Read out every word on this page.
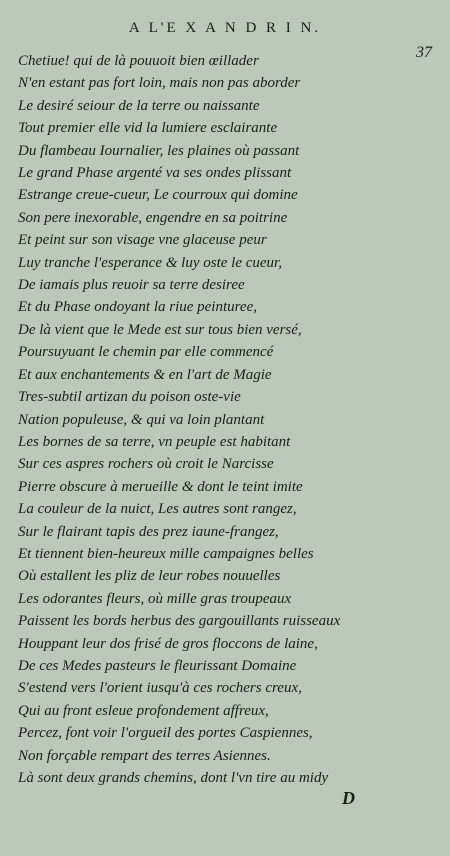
A L'E X A N D R I N.
37
Chetiue! qui de là pouuoit bien œillader
N'en estant pas fort loin, mais non pas aborder
Le desiré seiour de la terre ou naissante
Tout premier elle vid la lumiere esclairante
Du flambeau Iournalier, les plaines où passant
Le grand Phase argenté va ses ondes plissant
Estrange creue-cueur, Le courroux qui domine
Son pere inexorable, engendre en sa poitrine
Et peint sur son visage vne glaceuse peur
Luy tranche l'esperance & luy oste le cueur,
De iamais plus reuoir sa terre desiree
Et du Phase ondoyant la riue peinturee,
De là vient que le Mede est sur tous bien versé,
Poursuyuant le chemin par elle commencé
Et aux enchantements & en l'art de Magie
Tres-subtil artizan du poison oste-vie
Nation populeuse, & qui va loin plantant
Les bornes de sa terre, vn peuple est habitant
Sur ces aspres rochers où croit le Narcisse
Pierre obscure à merueille & dont le teint imite
La couleur de la nuict, Les autres sont rangez,
Sur le flairant tapis des prez iaune-frangez,
Et tiennent bien-heureux mille campaignes belles
Où estallent les pliz de leur robes nouuelles
Les odorantes fleurs, où mille gras troupeaux
Paissent les bords herbus des gargouillants ruisseaux
Houppant leur dos frisé de gros floccons de laine,
De ces Medes pasteurs le fleurissant Domaine
S'estend vers l'orient iusqu'à ces rochers creux,
Qui au front esleue profondement affreux,
Percez, font voir l'orgueil des portes Caspiennes,
Non forçable rempart des terres Asiennes.
Là sont deux grands chemins, dont l'vn tire au midy
D
